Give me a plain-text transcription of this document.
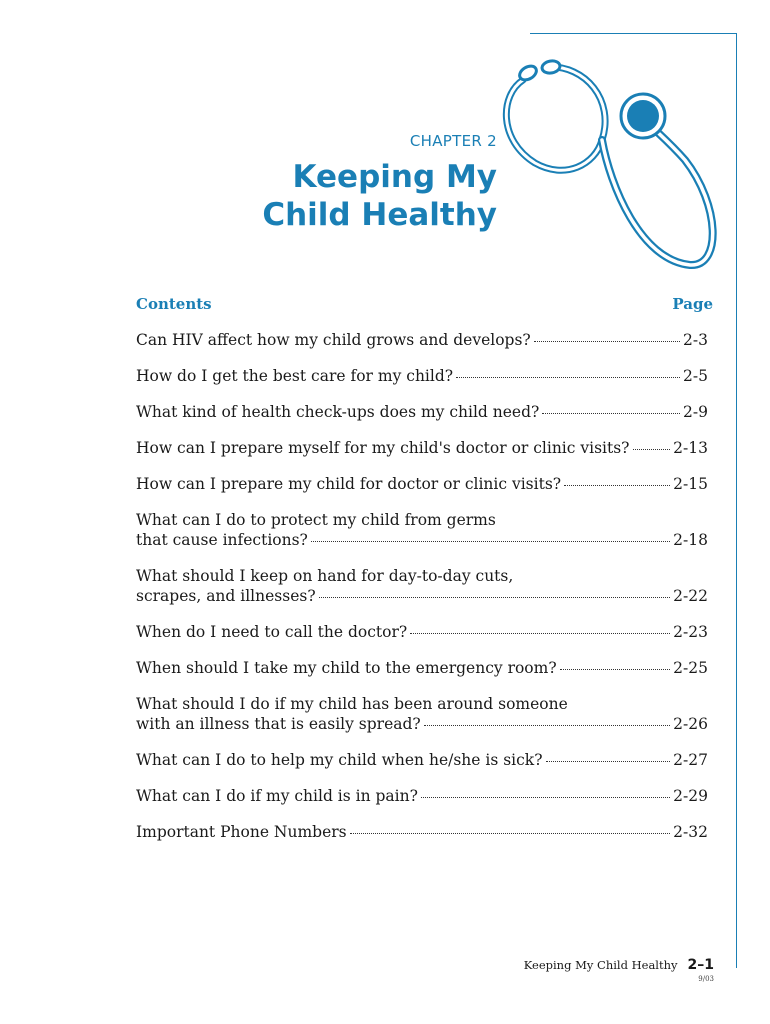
CHAPTER 2
Keeping My
Child Healthy
Contents	Page
Can HIV affect how my child grows and develops?	2-3
How do I get the best care for my child?	2-5
What kind of health check-ups does my child need?	2-9
How can I prepare myself for my child's doctor or clinic visits?	2-13
How can I prepare my child for doctor or clinic visits?	2-15
What can I do to protect my child from germs
that cause infections?	2-18
What should I keep on hand for day-to-day cuts,
scrapes, and illnesses?	2-22
When do I need to call the doctor?	2-23
When should I take my child to the emergency room?	2-25
What should I do if my child has been around someone
with an illness that is easily spread?	2-26
What can I do to help my child when he/she is sick?	2-27
What can I do if my child is in pain?	2-29
Important Phone Numbers	2-32
Keeping My Child Healthy 2–1
9/03
